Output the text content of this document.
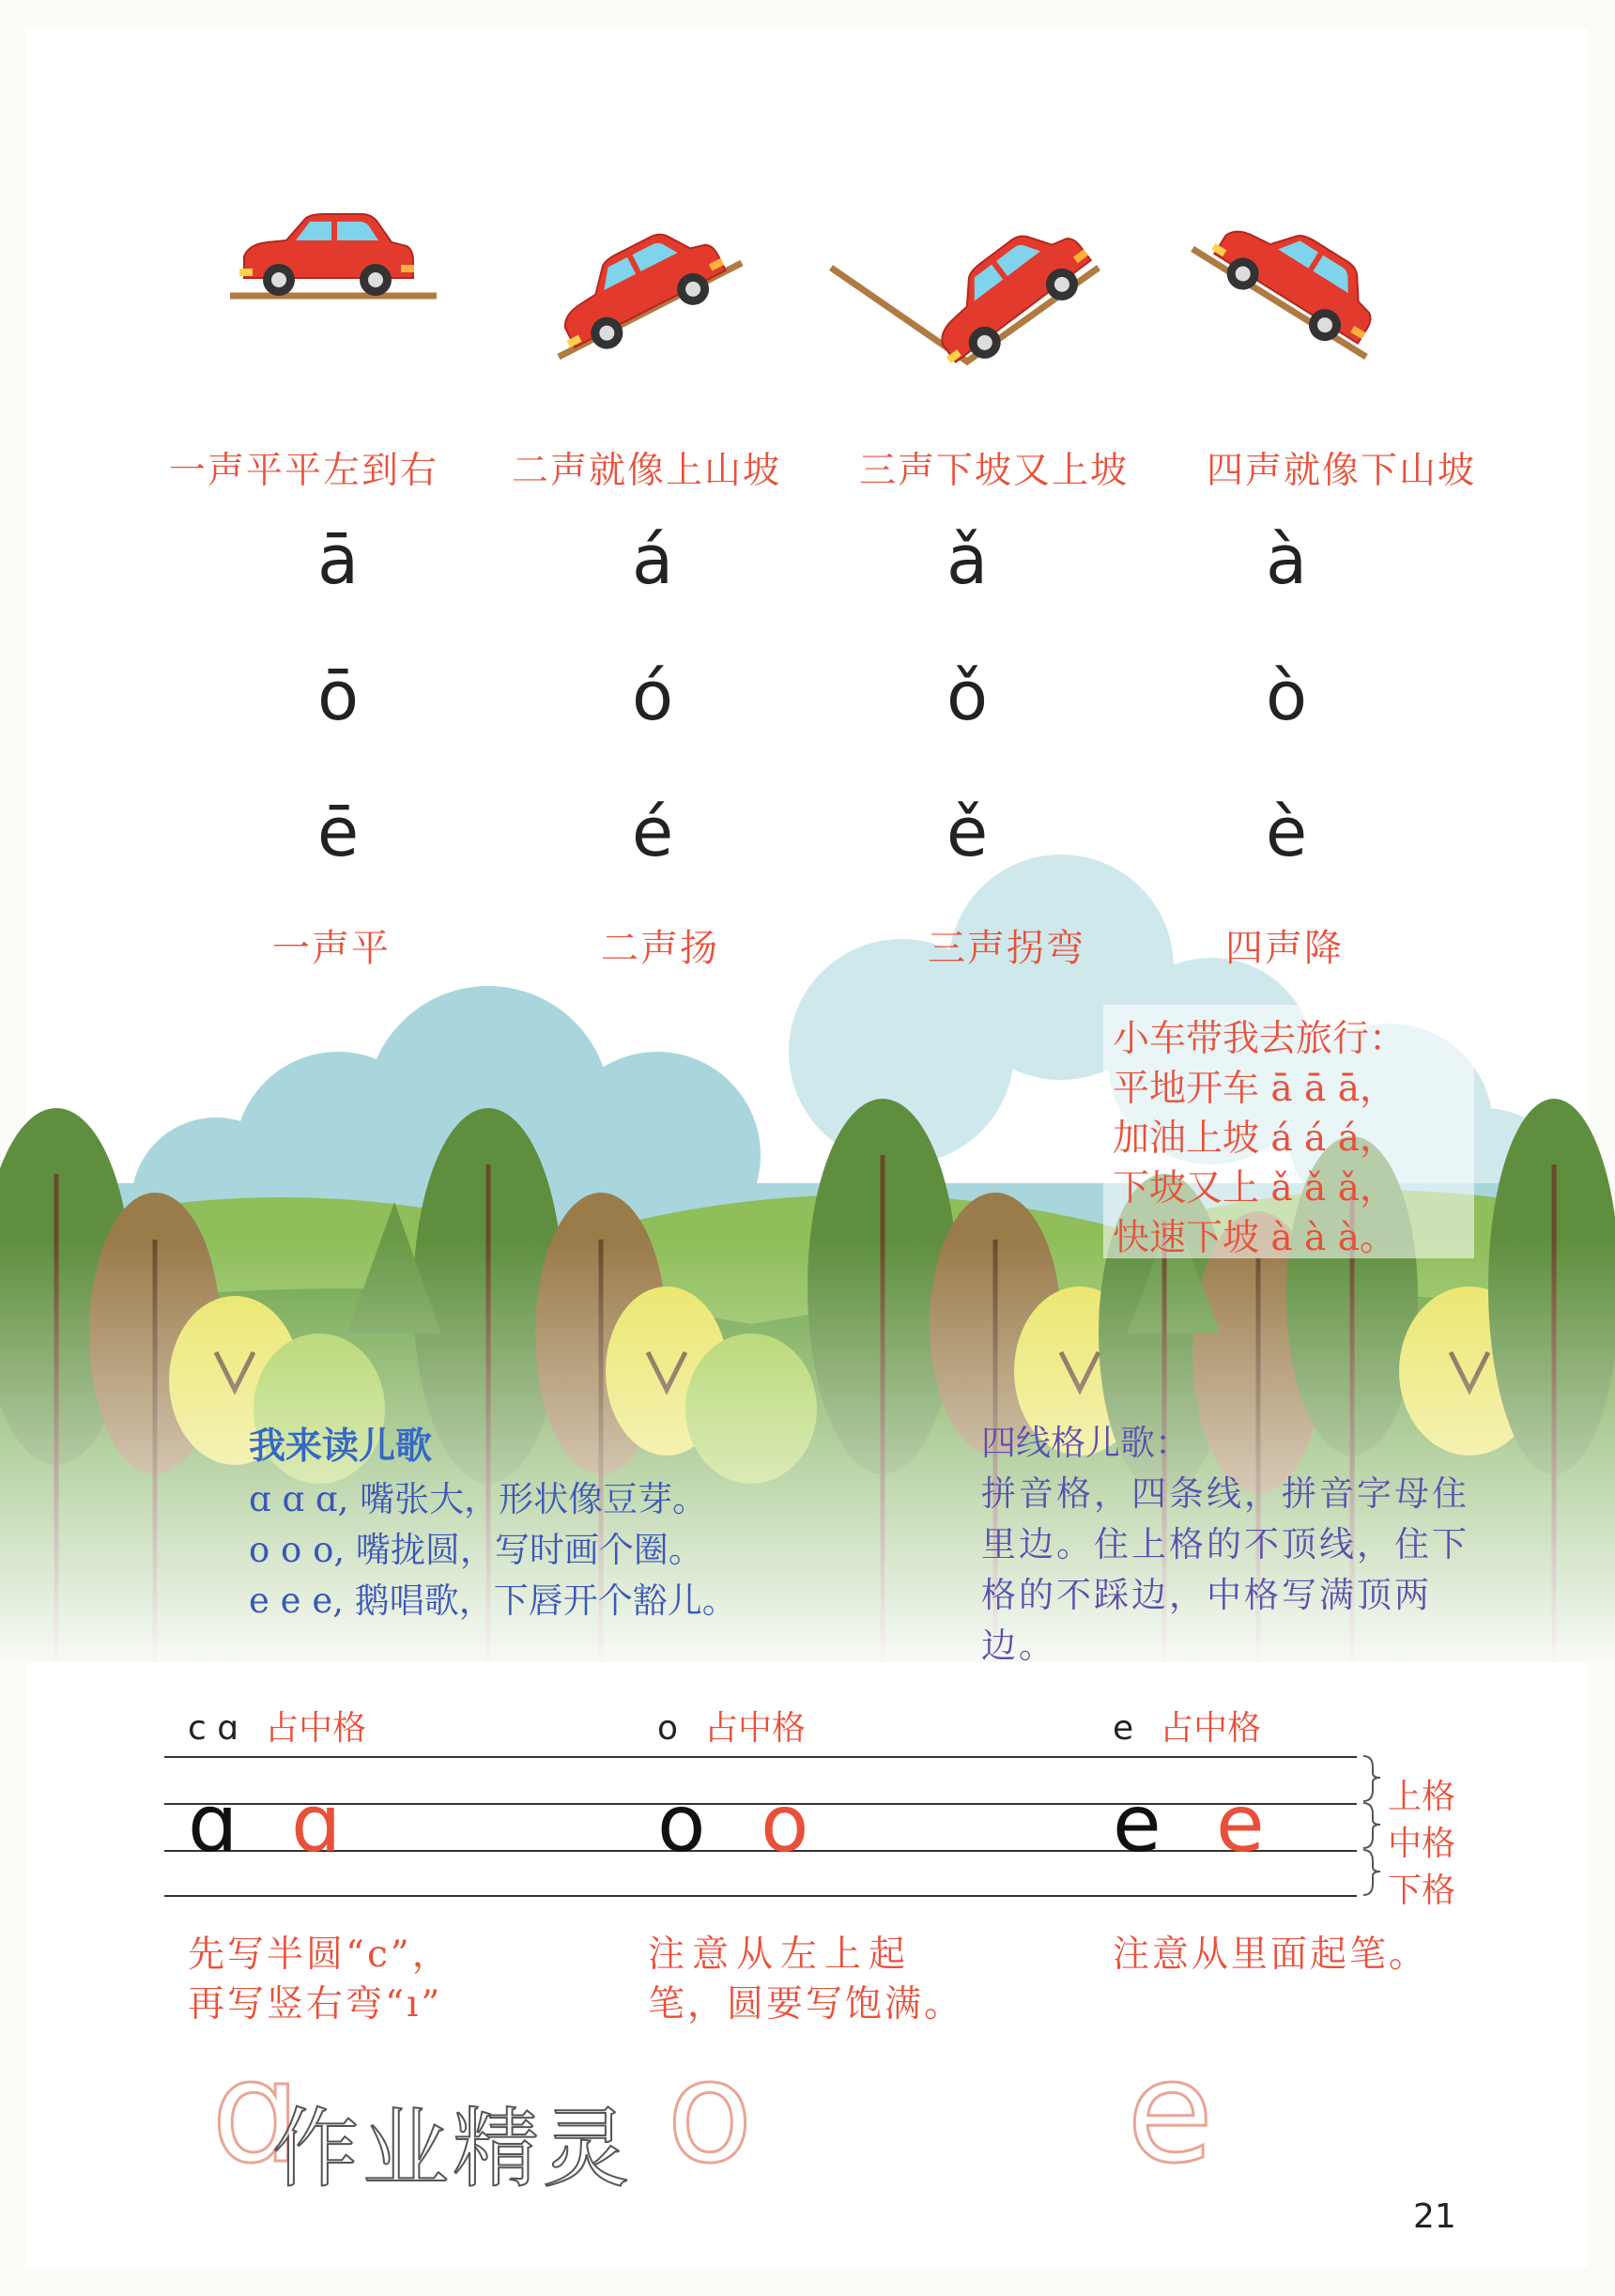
一声平平左到右 二声就像上山坡 三声下坡又上坡 四声就像下山坡
ā	á	ǎ	à
ō	ó	ǒ	ò
ē	é	ě	è
一声平	二声扬	三声拐弯	四声降
小车带我去旅行：
平地开车 ā ā ā，
加油上坡 á á á，
下坡又上 ǎ ǎ ǎ，
快速下坡 à à à。
我来读儿歌
ɑ ɑ ɑ, 嘴张大，形状像豆芽。
o o o, 嘴拢圆，写时画个圈。
e e e, 鹅唱歌，下唇开个豁儿。
四线格儿歌：
拼音格，四条线，拼音字母住里边。住上格的不顶线，住下格的不踩边，中格写满顶两边。
c ɑ 占中格	o 占中格	e 占中格
上格
中格
下格
ɑ ɑ	o o	e e
先写半圆“c”，
再写竖右弯“ı”
注意从左上起
笔，圆要写饱满。
注意从里面起笔。
ɑ	o	e
作业精灵
21
